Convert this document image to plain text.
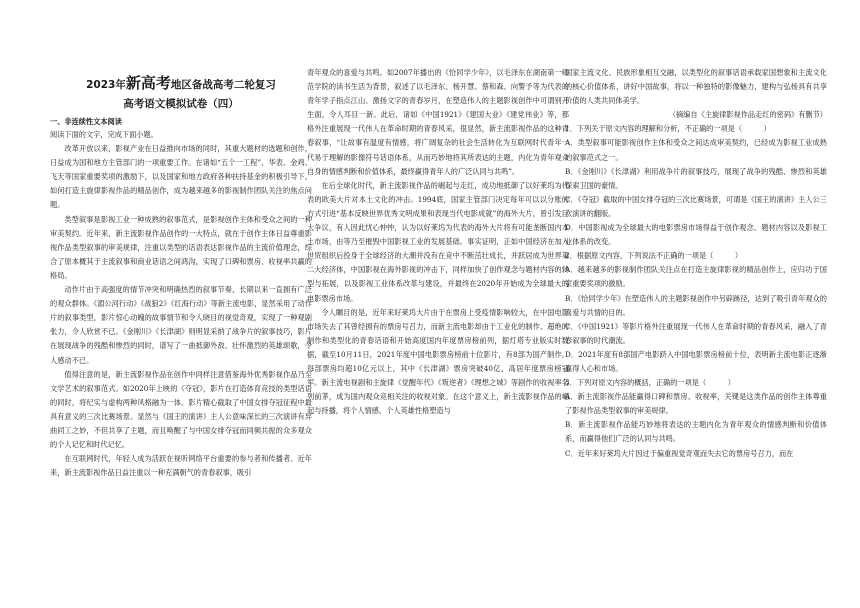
2023年新高考地区备战高考二轮复习
高考语文模拟试卷（四）
一、非连续性文本阅读

阅读下面的文字，完成下面小题。

改革开放以来，影视产业在日益推向市场的同时，其重大题材的选题和创作，日益成为国和地方主管部门的一项重要工作。在诸如“五个一工程”、华表、金鸡、飞天等国家重要奖项的激励下，以及国家和地方政府各种扶持基金的积极引导下，如何打造主旋律影视作品的精品创作，成为越来越多的影视制作团队关注的焦点问题。

类型叙事是影视工业一种成熟的叙事范式，是影视创作主体和受众之间的一种审美契约。近年来，新主流影视作品创作的一大特点，就在于创作主体日益尊重影视作品类型叙事的审美规律，注重以类型的话语表达影视作品的主流价值理念，综合了原本概其于主流叙事和商业话语之间鸿沟，实现了口碑和票房、收视率共赢的格局。

动作片由于高强度的情节冲突和明确热烈的叙事节奏，长期以来一直拥有广泛的观众群体。《湄公河行动》《战狼2》《红海行动》等新主流电影，显然采用了动作片的叙事类型，影片惊心动魄的故事情节和令人晓目的视觉奇观，实现了一种观剧张力，令人欣赏不已。《金刚川》《长津湖》则明显采纳了战争片的叙事技巧，影片在展现战争的残酷和惨烈的同时，谱写了一曲抵御外敌、壮怀激烈的英雄颂歌，令人感动不已。

值得注意的是，新主流影视作品在创作中同样注意借鉴海外优秀影视作品乃至文学艺术的叙事范式。如2020年上映的《夺冠》，影片在打造体育竞技的类型话语的同时，将纪实与虚构两种风格融为一体。影片精心截取了中国女排夺冠征程中最具有意义的三次比赛场景。显然与《国王的演讲》主人公意味深长的三次演讲有异曲同工之妙，不但共享了主题，而且唤醒了与中国女排夺冠而同频共振的众多观众的个人记忆和时代记忆。

在互联网时代，年轻人成为活跃在视听网络平台重要的参与者和传播者。近年来，新主流影视作品日益注重以一种充满朝气的青春叙事，吸引

青年观众的喜爱与共鸣。如2007年播出的《恰同学少年》，以毛泽东在湖南第一师范学院的读书生活为背景，叙述了以毛泽东、杨开慧、蔡和森、向警予等为代表的青年学子指点江山、激扬文字的青春岁月，在塑造伟人的主题影视创作中可谓别开生面，令人耳目一新。此后，诸如《中国1921》《建国大业》《建党伟业》等，都格外注重展现一代伟人在革命时期的青春风采，很显然，新主流影视作品的这种青春叙事，“让故事有温度有情感，将广阔复杂的社会生活转化为互联网时代青年一代易于理解的影像符号话语体系，从而巧妙地将其所表达的主题，内化为青年观众自身的情感判断和价值体系，最终赢得青年人的广泛认同与共鸣”。

在后全球化时代，新主流影视作品的崛起与走红，成功地抵御了以好莱坞为代表的欧美大片对本土文化的冲击。1994底，国家主管部门决定每年可以以分账的方式引进“基本反映世界优秀文明成果和表现当代电影成就”的海外大片，曾引发巨大争议，有人因此忧心忡忡，认为以好莱坞为代表的海外大片将有可能垄断国内本土市场，由等乃至摧毁中国影视工业的发展基础。事实证明，正如中国经济在加入世贸组织后投身于全球经济的大潮并没有在竞中不断茁壮成长，并跃居成为世界第二大经济体，中国影视在海外影视的冲击下，同样加快了创作观念与题材内容的转型与拓展，以及影视工业体系改革与建设，并最终在2020年开始成为全球最大的电影票房市场。

令人瞩目的是，近年来好莱坞大片由于在票房上受疫情影响较大，在中国电影市场失去了其曾经拥有的票房号召力，而新主流电影却由于工业化的制作、超绝的制作和类型化的青春话语和开始高度国内年度票房榜前列，据灯塔专业版实时数据，截至10月11日，2021年度中国电影票房榜前十位影片，有8部为国产制作，每部票房均超10亿元以上，其中《长津湖》票房突破40亿，高居年度票房榜冠军。新主流电视剧和主旋律《觉醒年代》《叛逆者》《理想之城》等剧作的收视率名列前茅，成为国内观众竞相关注的收视对象。在这个意义上，新主流影视作品的崛起与持播，将个人情感、个人英雄性格塑造与

国家主流文化、民族形象相互交融，以类型化的叙事话语承载家国想象和主流文化的核心价值体系，讲好中国故事，将以一种独特的影像魅力，建构与弘扬具有共享价值的人类共同体美学。

（摘编自《主旋律影视作品走红的密码》有删节）

1．下列关于原文内容的理解和分析，不正确的一项是（　　　）

A．类型叙事可能影视创作主体和受众之间达成审美契约，已经成为影视工业成熟的叙事范式之一。

B．《金刚川》《长津湖》利用战争片的叙事技巧，展现了战争的残酷、惨烈和英雄探索卫国的豪情。

C．《夺冠》截取的中国女排夺冠的三次比赛场景，可谓是《国王的演讲》主人公三次演讲的翻版。

D．中国影视成为全球最大的电影票房市场得益于创作观念、题材内容以及影视工业体系的改变。

2．根据原文内容，下列说法不正确的一项是（　　　）

A．越来越多的影视制作团队关注点在打造主旋律影视的精品创作上，应归功于国家重要奖项的激励。

B．《恰同学少年》在塑造伟人的主题影视创作中另辟蹊径，达到了吸引青年观众的喜爱与共情的目的。

C．《中国1921》等影片格外注重展现一代伟人在革命时期的青春风采，融入了青春叙事的时代潮流。

D．2021年度有8部国产电影跻入中国电影票房榜前十位，表明新主流电影正逐渐赢得人心和市场。

3．下列对原文内容的概括，正确的一项是（　　　）

A．新主流影视作品能赢得口碑和票房、收视率，关键是这类作品的创作主体尊重了影视作品类型叙事的审美规律。

B．新主流影视作品能巧妙地将表达的主题内化为青年观众的情感判断和价值体系，而赢得他们广泛的认同与共鸣。

C．近年来好莱坞大片因过于偏重视觉奇观而失去它的票房号召力，而在
